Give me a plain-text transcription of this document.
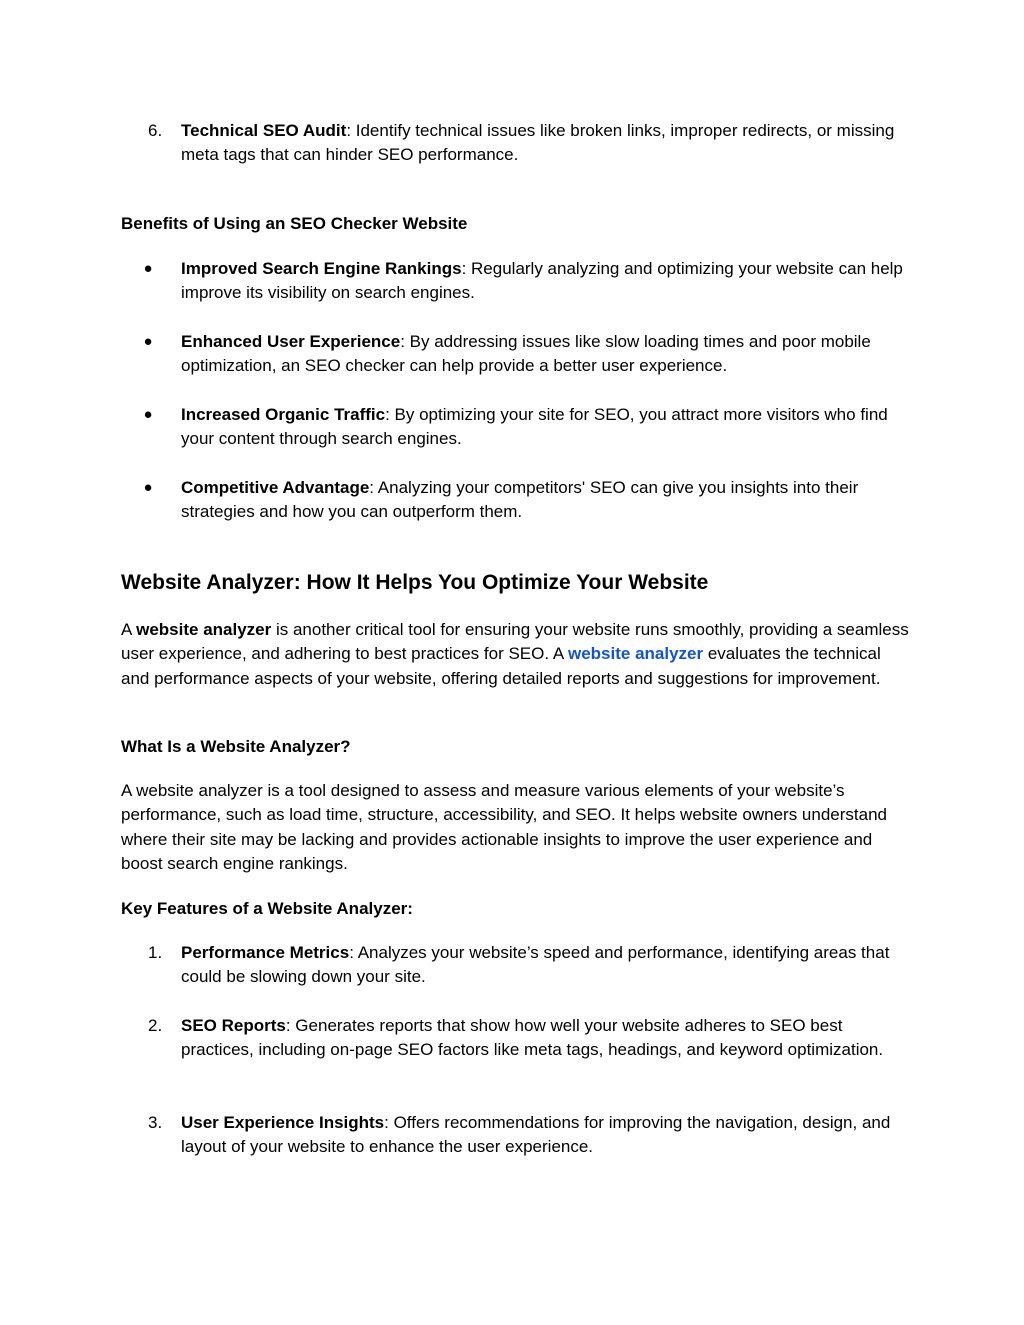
6.	Technical SEO Audit: Identify technical issues like broken links, improper redirects, or missing meta tags that can hinder SEO performance.
Benefits of Using an SEO Checker Website
●	Improved Search Engine Rankings: Regularly analyzing and optimizing your website can help improve its visibility on search engines.
●	Enhanced User Experience: By addressing issues like slow loading times and poor mobile optimization, an SEO checker can help provide a better user experience.
●	Increased Organic Traffic: By optimizing your site for SEO, you attract more visitors who find your content through search engines.
●	Competitive Advantage: Analyzing your competitors' SEO can give you insights into their strategies and how you can outperform them.
Website Analyzer: How It Helps You Optimize Your Website

A website analyzer is another critical tool for ensuring your website runs smoothly, providing a seamless user experience, and adhering to best practices for SEO. A website analyzer evaluates the technical and performance aspects of your website, offering detailed reports and suggestions for improvement.

What Is a Website Analyzer?

A website analyzer is a tool designed to assess and measure various elements of your website’s performance, such as load time, structure, accessibility, and SEO. It helps website owners understand where their site may be lacking and provides actionable insights to improve the user experience and boost search engine rankings.

Key Features of a Website Analyzer:
1.	Performance Metrics: Analyzes your website’s speed and performance, identifying areas that could be slowing down your site.
2.	SEO Reports: Generates reports that show how well your website adheres to SEO best practices, including on-page SEO factors like meta tags, headings, and keyword optimization.
3.	User Experience Insights: Offers recommendations for improving the navigation, design, and layout of your website to enhance the user experience.
